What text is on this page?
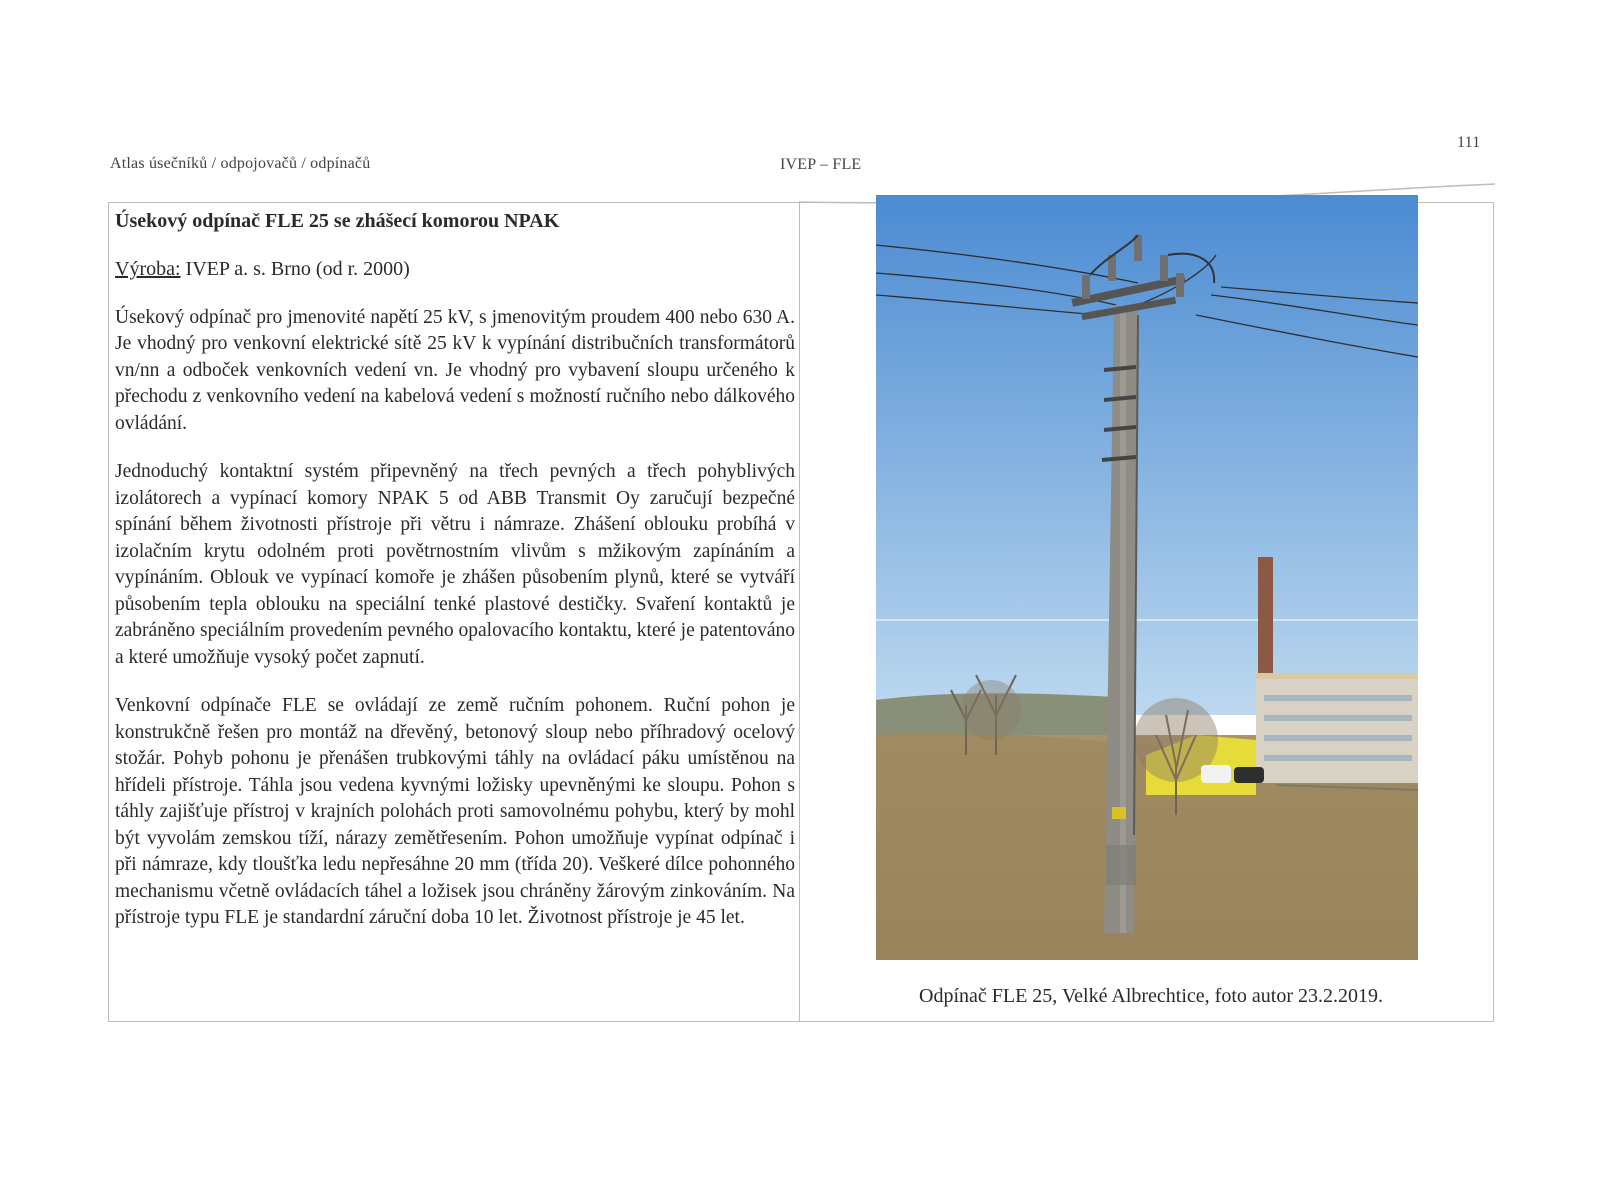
Atlas úsečníků / odpojovačů / odpínačů	IVEP – FLE
111
Úsekový odpínač FLE 25 se zhášecí komorou NPAK
Výroba: IVEP a. s. Brno (od r. 2000)

Úsekový odpínač pro jmenovité napětí 25 kV, s jmenovitým proudem 400 nebo 630 A. Je vhodný pro venkovní elektrické sítě 25 kV k vypínání distribučních transformátorů vn/nn a odboček venkovních vedení vn. Je vhodný pro vybavení sloupu určeného k přechodu z venkovního vedení na kabelová vedení s možností ručního nebo dálkového ovládání.

Jednoduchý kontaktní systém připevněný na třech pevných a třech pohyblivých izolátorech a vypínací komory NPAK 5 od ABB Transmit Oy zaručují bezpečné spínání během životnosti přístroje při větru i námraze. Zhášení oblouku probíhá v izolačním krytu odolném proti povětrnostním vlivům s mžikovým zapínáním a vypínáním. Oblouk ve vypínací komoře je zhášen působením plynů, které se vytváří působením tepla oblouku na speciální tenké plastové destičky. Svaření kontaktů je zabráněno speciálním provedením pevného opalovacího kontaktu, které je patentováno a které umožňuje vysoký počet zapnutí.

Venkovní odpínače FLE se ovládají ze země ručním pohonem. Ruční pohon je konstrukčně řešen pro montáž na dřevěný, betonový sloup nebo příhradový ocelový stožár. Pohyb pohonu je přenášen trubkovými táhly na ovládací páku umístěnou na hřídeli přístroje. Táhla jsou vedena kyvnými ložisky upevněnými ke sloupu. Pohon s táhly zajišťuje přístroj v krajních polohách proti samovolnému pohybu, který by mohl být vyvolám zemskou tíží, nárazy zemětřesením. Pohon umožňuje vypínat odpínač i při námraze, kdy tloušťka ledu nepřesáhne 20 mm (třída 20). Veškeré dílce pohonného mechanismu včetně ovládacích táhel a ložisek jsou chráněny žárovým zinkováním. Na přístroje typu FLE je standardní záruční doba 10 let. Životnost přístroje je 45 let.

Odpínač FLE 25, Velké Albrechtice, foto autor 23.2.2019.
